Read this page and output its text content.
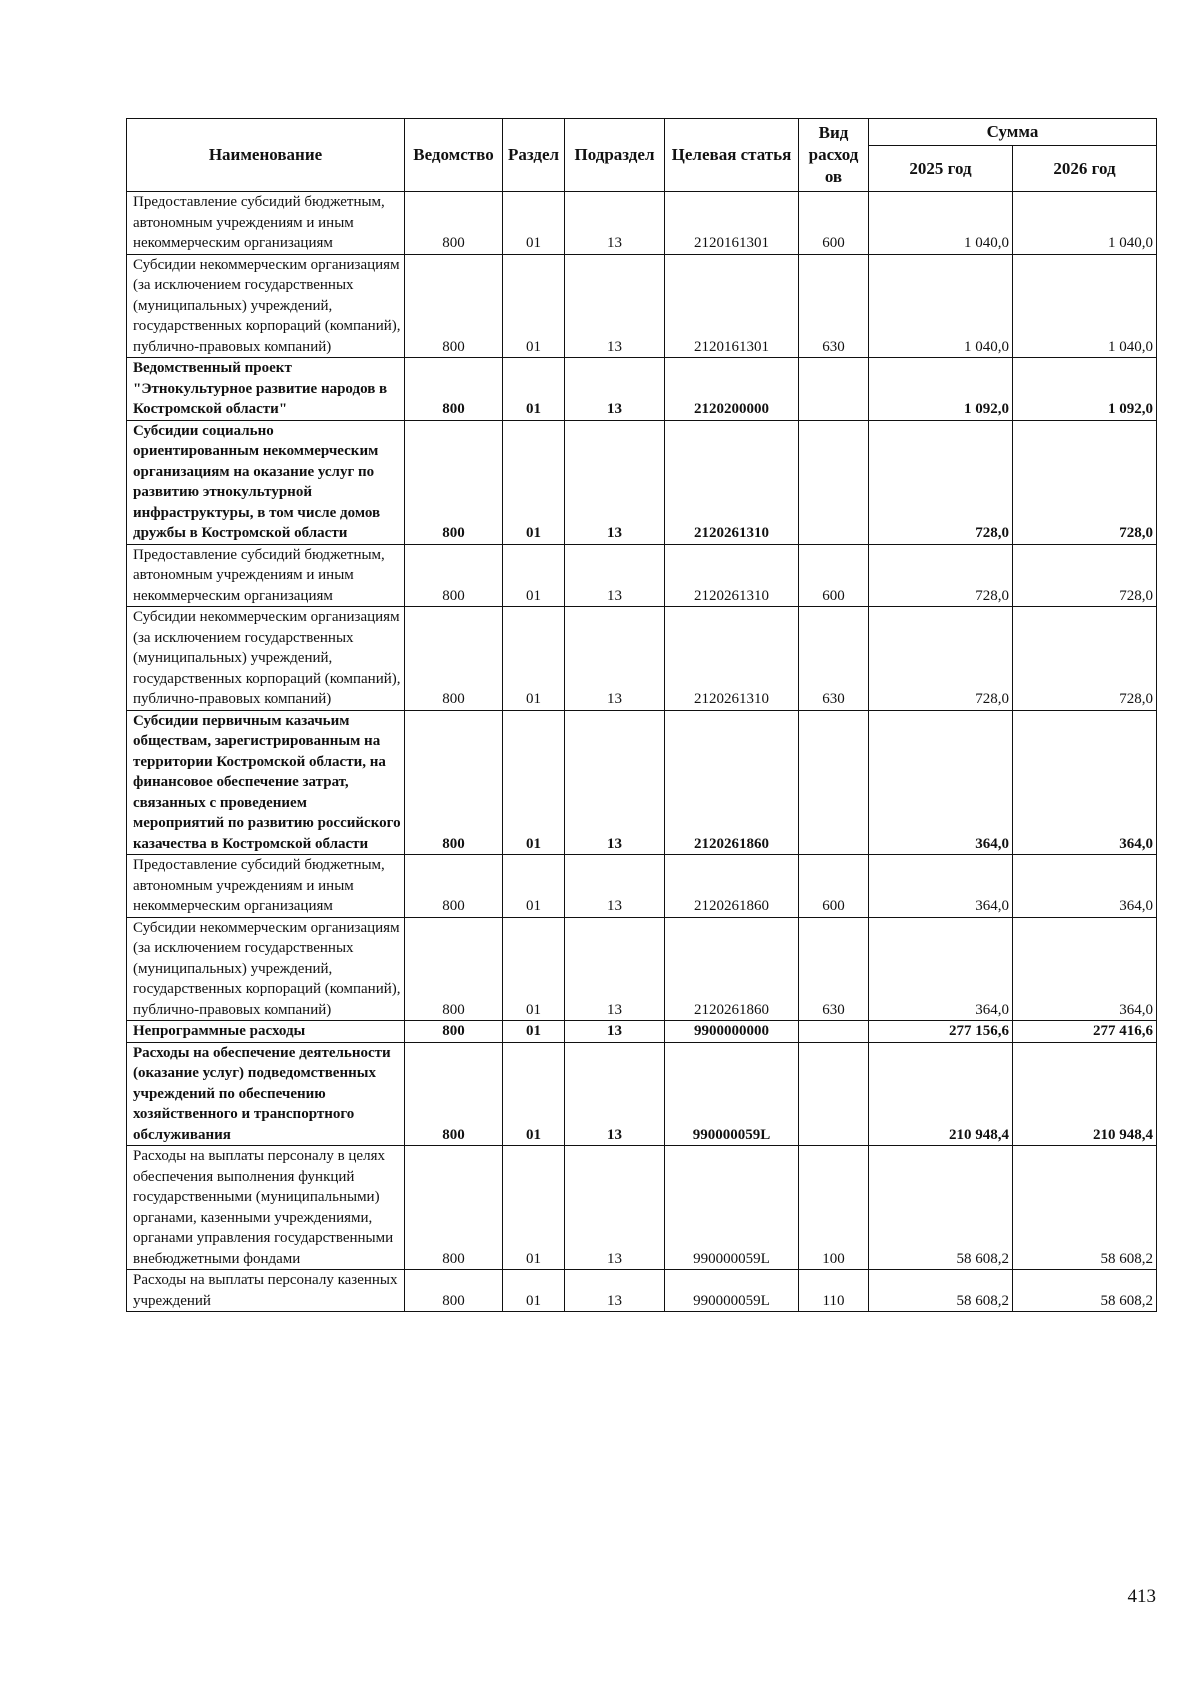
Наименование	Ведомство	Раздел	Подраздел	Целевая статья	Вид расход ов	Сумма	
						2025 год	2026 год
Предоставление субсидий бюджетным, автономным учреждениям и иным некоммерческим организациям	800	01	13	2120161301	600	1 040,0	1 040,0
Субсидии некоммерческим организациям (за исключением государственных (муниципальных) учреждений, государственных корпораций (компаний), публично-правовых компаний)	800	01	13	2120161301	630	1 040,0	1 040,0
Ведомственный проект "Этнокультурное развитие народов в Костромской области"	800	01	13	2120200000		1 092,0	1 092,0
Субсидии социально ориентированным некоммерческим организациям на оказание услуг по развитию этнокультурной инфраструктуры, в том числе домов дружбы в Костромской области	800	01	13	2120261310		728,0	728,0
Предоставление субсидий бюджетным, автономным учреждениям и иным некоммерческим организациям	800	01	13	2120261310	600	728,0	728,0
Субсидии некоммерческим организациям (за исключением государственных (муниципальных) учреждений, государственных корпораций (компаний), публично-правовых компаний)	800	01	13	2120261310	630	728,0	728,0
Субсидии первичным казачьим обществам, зарегистрированным на территории Костромской области, на финансовое обеспечение затрат, связанных с проведением мероприятий по развитию российского казачества в Костромской области	800	01	13	2120261860		364,0	364,0
Предоставление субсидий бюджетным, автономным учреждениям и иным некоммерческим организациям	800	01	13	2120261860	600	364,0	364,0
Субсидии некоммерческим организациям (за исключением государственных (муниципальных) учреждений, государственных корпораций (компаний), публично-правовых компаний)	800	01	13	2120261860	630	364,0	364,0
Непрограммные расходы	800	01	13	9900000000		277 156,6	277 416,6
Расходы на обеспечение деятельности (оказание услуг) подведомственных учреждений по обеспечению хозяйственного и транспортного обслуживания	800	01	13	990000059L		210 948,4	210 948,4
Расходы на выплаты персоналу в целях обеспечения выполнения функций государственными (муниципальными) органами, казенными учреждениями, органами управления государственными внебюджетными фондами	800	01	13	990000059L	100	58 608,2	58 608,2
Расходы на выплаты персоналу казенных учреждений	800	01	13	990000059L	110	58 608,2	58 608,2
413
